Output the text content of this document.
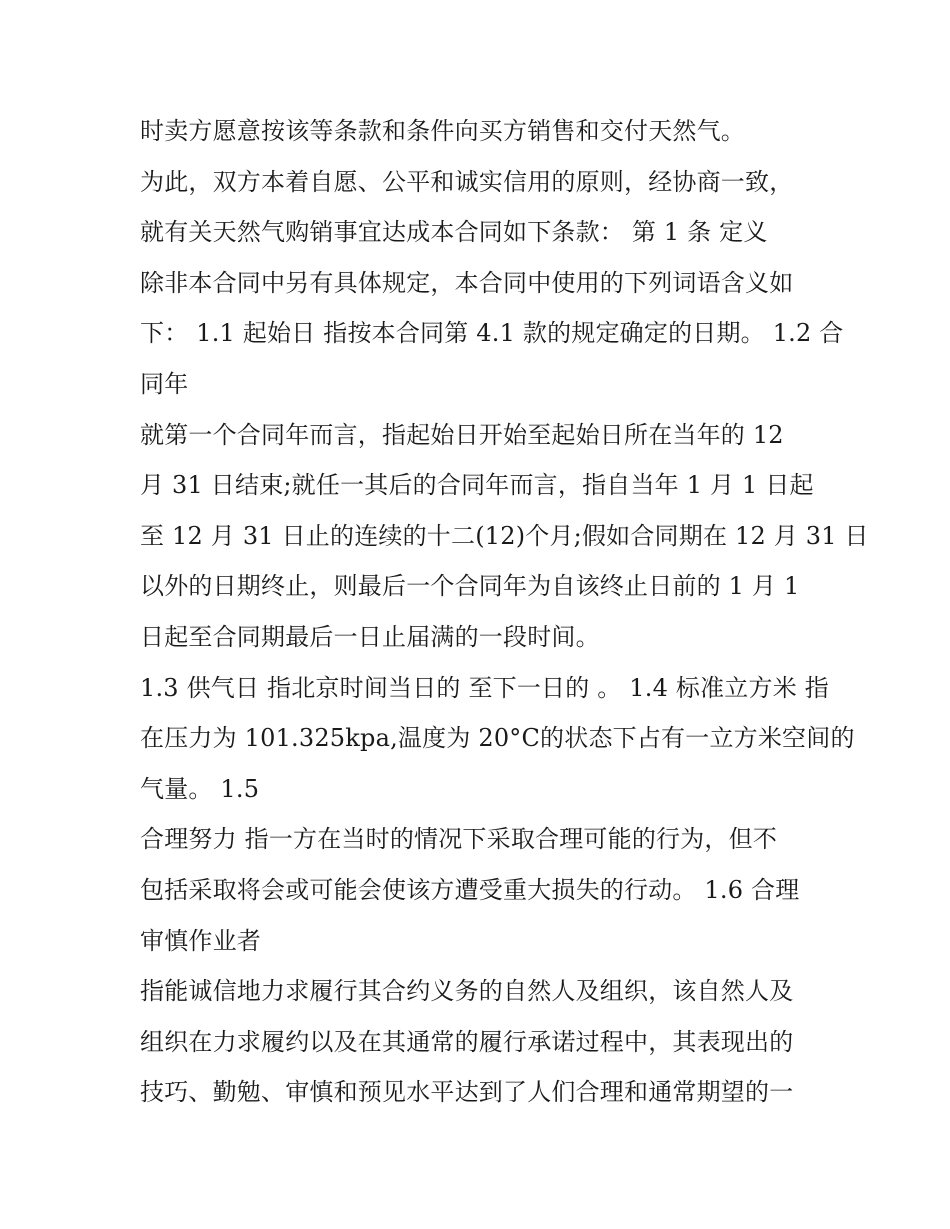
时卖方愿意按该等条款和条件向买方销售和交付天然气。
为此，双方本着自愿、公平和诚实信用的原则，经协商一致，
就有关天然气购销事宜达成本合同如下条款： 第 1 条 定义
除非本合同中另有具体规定，本合同中使用的下列词语含义如
下： 1.1 起始日 指按本合同第 4.1 款的规定确定的日期。 1.2 合
同年
就第一个合同年而言，指起始日开始至起始日所在当年的 12
月 31 日结束;就任一其后的合同年而言，指自当年 1 月 1 日起
至 12 月 31 日止的连续的十二(12)个月;假如合同期在 12 月 31 日
以外的日期终止，则最后一个合同年为自该终止日前的 1 月 1
日起至合同期最后一日止届满的一段时间。
1.3 供气日 指北京时间当日的 至下一日的 。 1.4 标准立方米 指
在压力为 101.325kpa,温度为 20°C的状态下占有一立方米空间的
气量。 1.5
合理努力 指一方在当时的情况下采取合理可能的行为，但不
包括采取将会或可能会使该方遭受重大损失的行动。 1.6 合理
审慎作业者
指能诚信地力求履行其合约义务的自然人及组织，该自然人及
组织在力求履约以及在其通常的履行承诺过程中，其表现出的
技巧、勤勉、审慎和预见水平达到了人们合理和通常期望的一
